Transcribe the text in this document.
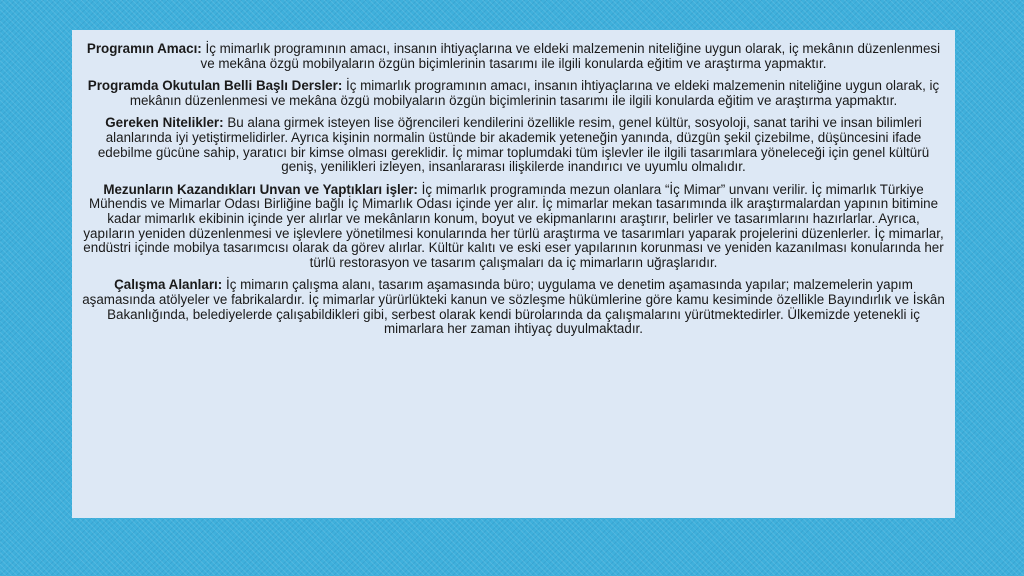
Programın Amacı: İç mimarlık programının amacı, insanın ihtiyaçlarına ve eldeki malzemenin niteliğine uygun olarak, iç mekânın düzenlenmesi ve mekâna özgü mobilyaların özgün biçimlerinin tasarımı ile ilgili konularda eğitim ve araştırma yapmaktır.

Programda Okutulan Belli Başlı Dersler: İç mimarlık programının amacı, insanın ihtiyaçlarına ve eldeki malzemenin niteliğine uygun olarak, iç mekânın düzenlenmesi ve mekâna özgü mobilyaların özgün biçimlerinin tasarımı ile ilgili konularda eğitim ve araştırma yapmaktır.

Gereken Nitelikler: Bu alana girmek isteyen lise öğrencileri kendilerini özellikle resim, genel kültür, sosyoloji, sanat tarihi ve insan bilimleri alanlarında iyi yetiştirmelidirler. Ayrıca kişinin normalin üstünde bir akademik yeteneğin yanında, düzgün şekil çizebilme, düşüncesini ifade edebilme gücüne sahip, yaratıcı bir kimse olması gereklidir. İç mimar toplumdaki tüm işlevler ile ilgili tasarımlara yöneleceği için genel kültürü geniş, yenilikleri izleyen, insanlararası ilişkilerde inandırıcı ve uyumlu olmalıdır.

Mezunların Kazandıkları Unvan ve Yaptıkları işler: İç mimarlık programında mezun olanlara “İç Mimar” unvanı verilir. İç mimarlık Türkiye Mühendis ve Mimarlar Odası Birliğine bağlı İç Mimarlık Odası içinde yer alır. İç mimarlar mekan tasarımında ilk araştırmalardan yapının bitimine kadar mimarlık ekibinin içinde yer alırlar ve mekânların konum, boyut ve ekipmanlarını araştırır, belirler ve tasarımlarını hazırlarlar. Ayrıca, yapıların yeniden düzenlenmesi ve işlevlere yönetilmesi konularında her türlü araştırma ve tasarımları yaparak projelerini düzenlerler. İç mimarlar, endüstri içinde mobilya tasarımcısı olarak da görev alırlar. Kültür kalıtı ve eski eser yapılarının korunması ve yeniden kazanılması konularında her türlü restorasyon ve tasarım çalışmaları da iç mimarların uğraşlarıdır.

Çalışma Alanları: İç mimarın çalışma alanı, tasarım aşamasında büro; uygulama ve denetim aşamasında yapılar; malzemelerin yapım aşamasında atölyeler ve fabrikalardır. İç mimarlar yürürlükteki kanun ve sözleşme hükümlerine göre kamu kesiminde özellikle Bayındırlık ve İskân Bakanlığında, belediyelerde çalışabildikleri gibi, serbest olarak kendi bürolarında da çalışmalarını yürütmektedirler. Ülkemizde yetenekli iç mimarlara her zaman ihtiyaç duyulmaktadır.
